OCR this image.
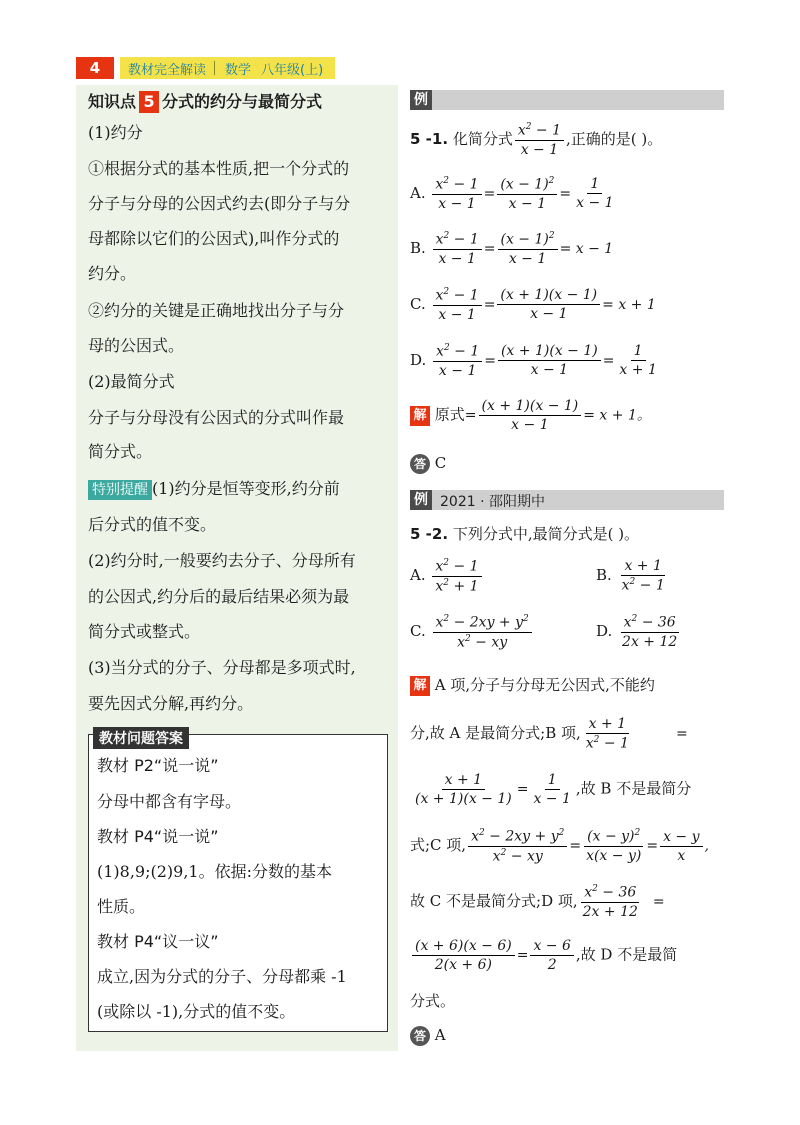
4	教材完全解读 数学 八年级(上)
知识点 5 分式的约分与最简分式
(1)约分
①根据分式的基本性质,把一个分式的
分子与分母的公因式约去(即分子与分
母都除以它们的公因式),叫作分式的
约分。
②约分的关键是正确地找出分子与分
母的公因式。
(2)最简分式
分子与分母没有公因式的分式叫作最
简分式。
特别提醒 (1)约分是恒等变形,约分前
后分式的值不变。
(2)约分时,一般要约去分子、分母所有
的公因式,约分后的最后结果必须为最
简分式或整式。
(3)当分式的分子、分母都是多项式时,
要先因式分解,再约分。
教材问题答案
教材 P2“说一说”
分母中都含有字母。
教材 P4“说一说”
(1)8,9;(2)9,1。依据:分数的基本
性质。
教材 P4“议一议”
成立,因为分式的分子、分母都乘 -1
(或除以 -1),分式的值不变。
例
5 -1. 化简分式 $\frac{x^2 - 1}{x - 1}$ ,正确的是( )。
A. $\frac{x^2 - 1}{x - 1} = \frac{(x - 1)^2}{x - 1} = \frac{1}{x - 1}$
B. $\frac{x^2 - 1}{x - 1} = \frac{(x - 1)^2}{x - 1} = x - 1$
C. $\frac{x^2 - 1}{x - 1} = \frac{(x + 1)(x - 1)}{x - 1} = x + 1$
D. $\frac{x^2 - 1}{x - 1} = \frac{(x + 1)(x - 1)}{x - 1} = \frac{1}{x + 1}$
解 原式= $\frac{(x + 1)(x - 1)}{x - 1} = x + 1$。
答 C
例 2021 · 邵阳期中
5 -2. 下列分式中,最简分式是( )。
A. $\frac{x^2 - 1}{x^2 + 1}$	B. $\frac{x + 1}{x^2 - 1}$
C. $\frac{x^2 - 2xy + y^2}{x^2 - xy}$	D. $\frac{x^2 - 36}{2x + 12}$
解 A 项,分子与分母无公因式,不能约
分,故 A 是最简分式;B 项, $\frac{x + 1}{x^2 - 1}$	=
$\frac{x + 1}{(x + 1)(x - 1)} = \frac{1}{x - 1}$ ,故 B 不是最简分
式;C 项, $\frac{x^2 - 2xy + y^2}{x^2 - xy} = \frac{(x - y)^2}{x(x - y)} = \frac{x - y}{x}$ ,
故 C 不是最简分式;D 项, $\frac{x^2 - 36}{2x + 12}$ =
$\frac{(x + 6)(x - 6)}{2(x + 6)} = \frac{x - 6}{2}$ ,故 D 不是最简
分式。
答 A
